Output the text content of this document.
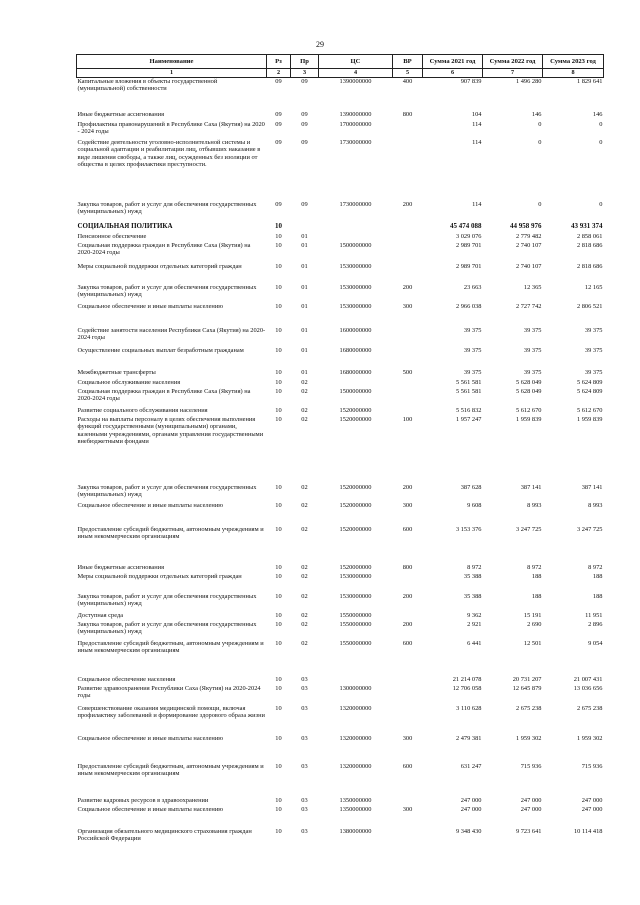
29
Наименование	Рз	Пр	ЦС	ВР	Сумма 2021 год	Сумма 2022 год	Сумма 2023 год
1	2	3	4	5	6	7	8
Капитальные вложения в объекты государственной (муниципальной) собственности	09	09	1390000000	400	907 839	1 496 280	1 829 641
Иные бюджетные ассигнования	09	09	1390000000	800	104	146	146
Профилактика правонарушений в Республике Саха (Якутия) на 2020 - 2024 годы	09	09	1700000000		114	0	0
Содействие деятельности уголовно-исполнительной системы и социальной адаптации и реабилитации лиц, отбывших наказание в виде лишения свободы, а также лиц, осужденных без изоляции от общества в целях профилактики преступности.	09	09	1730000000		114	0	0
Закупка товаров, работ и услуг для обеспечения государственных (муниципальных) нужд	09	09	1730000000	200	114	0	0
СОЦИАЛЬНАЯ ПОЛИТИКА	10				45 474 088	44 958 976	43 931 374
Пенсионное обеспечение	10	01			3 029 076	2 779 482	2 858 061
Социальная поддержка граждан в Республике Саха (Якутия) на 2020-2024 годы	10	01	1500000000		2 989 701	2 740 107	2 818 686
Меры социальной поддержки отдельных категорий граждан	10	01	1530000000		2 989 701	2 740 107	2 818 686
Закупка товаров, работ и услуг для обеспечения государственных (муниципальных) нужд	10	01	1530000000	200	23 663	12 365	12 165
Социальное обеспечение и иные выплаты населению	10	01	1530000000	300	2 966 038	2 727 742	2 806 521
Содействие занятости населения Республики Саха (Якутия) на 2020-2024 годы	10	01	1600000000		39 375	39 375	39 375
Осуществление социальных выплат безработным гражданам	10	01	1680000000		39 375	39 375	39 375
Межбюджетные трансферты	10	01	1680000000	500	39 375	39 375	39 375
Социальное обслуживание населения	10	02			5 561 581	5 628 049	5 624 809
Социальная поддержка граждан в Республике Саха (Якутия) на 2020-2024 годы	10	02	1500000000		5 561 581	5 628 049	5 624 809
Развитие социального обслуживания населения	10	02	1520000000		5 516 832	5 612 670	5 612 670
Расходы на выплаты персоналу в целях обеспечения выполнения функций государственными (муниципальными) органами, казенными учреждениями, органами управления государственными внебюджетными фондами	10	02	1520000000	100	1 957 247	1 959 839	1 959 839
Закупка товаров, работ и услуг для обеспечения государственных (муниципальных) нужд	10	02	1520000000	200	387 628	387 141	387 141
Социальное обеспечение и иные выплаты населению	10	02	1520000000	300	9 608	8 993	8 993
Предоставление субсидий бюджетным, автономным учреждениям и иным некоммерческим организациям	10	02	1520000000	600	3 153 376	3 247 725	3 247 725
Иные бюджетные ассигнования	10	02	1520000000	800	8 972	8 972	8 972
Меры социальной поддержки отдельных категорий граждан	10	02	1530000000		35 388	188	188
Закупка товаров, работ и услуг для обеспечения государственных (муниципальных) нужд	10	02	1530000000	200	35 388	188	188
Доступная среда	10	02	1550000000		9 362	15 191	11 951
Закупка товаров, работ и услуг для обеспечения государственных (муниципальных) нужд	10	02	1550000000	200	2 921	2 690	2 896
Предоставление субсидий бюджетным, автономным учреждениям и иным некоммерческим организациям	10	02	1550000000	600	6 441	12 501	9 054
Социальное обеспечение населения	10	03			21 214 078	20 731 207	21 007 431
Развитие здравоохранения Республики Саха (Якутия) на 2020-2024 годы	10	03	1300000000		12 706 058	12 645 879	13 036 656
Совершенствование оказания медицинской помощи, включая профилактику заболеваний и формирование здорового образа жизни	10	03	1320000000		3 110 628	2 675 238	2 675 238
Социальное обеспечение и иные выплаты населению	10	03	1320000000	300	2 479 381	1 959 302	1 959 302
Предоставление субсидий бюджетным, автономным учреждениям и иным некоммерческим организациям	10	03	1320000000	600	631 247	715 936	715 936
Развитие кадровых ресурсов в здравоохранении	10	03	1350000000		247 000	247 000	247 000
Социальное обеспечение и иные выплаты населению	10	03	1350000000	300	247 000	247 000	247 000
Организация обязательного медицинского страхования граждан Российской Федерации	10	03	1380000000		9 348 430	9 723 641	10 114 418
